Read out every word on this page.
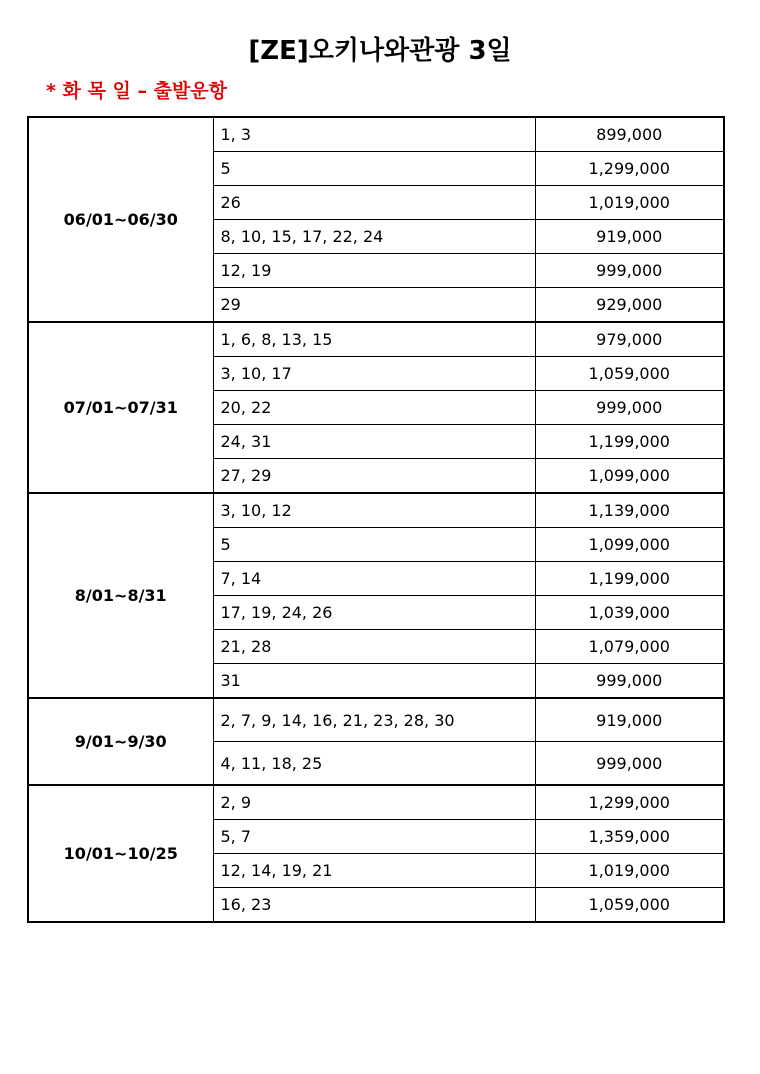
[ZE]오키나와관광 3일
* 화 목 일 – 출발운항
06/01~06/30	1, 3	899,000
	5	1,299,000
	26	1,019,000
	8, 10, 15, 17, 22, 24	919,000
	12, 19	999,000
	29	929,000
07/01~07/31	1, 6, 8, 13, 15	979,000
	3, 10, 17	1,059,000
	20, 22	999,000
	24, 31	1,199,000
	27, 29	1,099,000
8/01~8/31	3, 10, 12	1,139,000
	5	1,099,000
	7, 14	1,199,000
	17, 19, 24, 26	1,039,000
	21, 28	1,079,000
	31	999,000
9/01~9/30	2, 7, 9, 14, 16, 21, 23, 28, 30	919,000
	4, 11, 18, 25	999,000
10/01~10/25	2, 9	1,299,000
	5, 7	1,359,000
	12, 14, 19, 21	1,019,000
	16, 23	1,059,000
